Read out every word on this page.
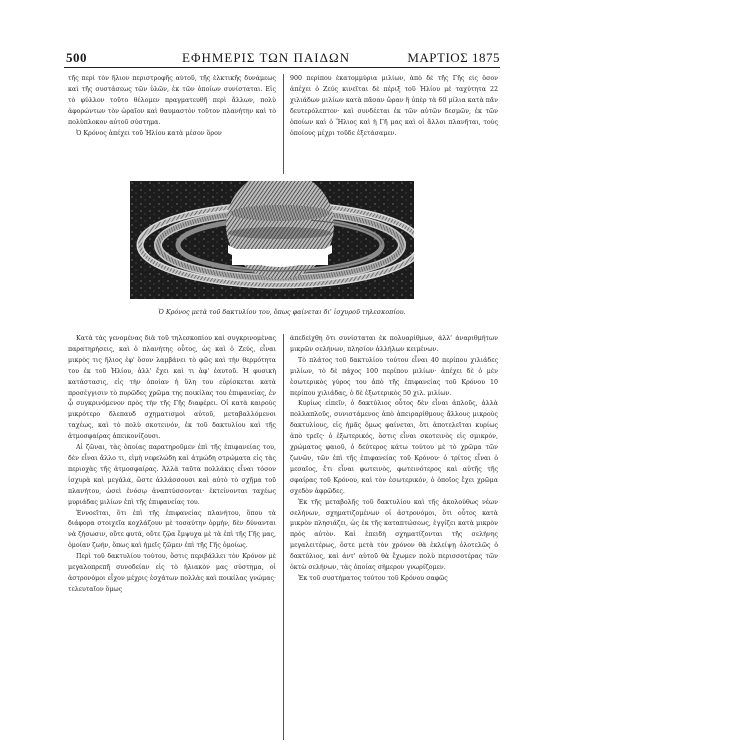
500	ΕΦΗΜΕΡΙΣ ΤΩΝ ΠΑΙΔΩΝ	ΜΑΡΤΙΟΣ 1875

τῆς περὶ τὸν ἥλιον περιστροφῆς αὐτοῦ, τῆς ἑλκτικῆς δυνάμεως καὶ τῆς συστάσεως τῶν ὑλῶν, ἐκ τῶν ὁποίων συνίσταται. Εἰς τὸ φύλλον τοῦτο θέλομεν πραγματευθῆ περὶ ἄλλων, πολὺ ἀφορώντων τὸν ὡραῖον καὶ θαυμαστὸν τοῦτον πλανήτην καὶ τὸ πολὺπλοκον αὐτοῦ σύστημα.

Ὁ Κρόνος ἀπέχει τοῦ Ἡλίου κατὰ μέσον ὅρον

900 περίπου ἑκατομμύρια μιλίων, ἀπὸ δὲ τῆς Γῆς εἰς ὅσον ἀπέχει ὁ Ζεύς κινεῖται δὲ πέριξ τοῦ Ἡλίου μὲ ταχύτητα 22 χιλιάδων μιλίων κατὰ πᾶσαν ὥραν ἢ ὑπὲρ τὰ 60 μίλια κατὰ πᾶν δευτερόλεπτον· καὶ συνδέεται ἐκ τῶν αὐτῶν δεσμῶν, ἐκ τῶν ὁποίων καὶ ὁ Ἥλιος καὶ ἡ Γῆ μας καὶ οἱ ἄλλοι πλανῆται, τοὺς ὁποίους μέχρι τοῦδε ἐξετάσαμεν.

Ὁ Κρόνος μετὰ τοῦ δακτυλίου του, ὅπως φαίνεται δι' ἰσχυροῦ τηλεσκοπίου.

Κατὰ τὰς γενομένας διὰ τοῦ τηλεσκοπίου καὶ συγκρινομένας παρατηρήσεις, καὶ ὁ πλανήτης οὗτος, ὡς καὶ ὁ Ζεύς, εἶναι μικρὸς τις ἥλιος ἐφ' ὅσον λαμβάνει τὸ φῶς καὶ τὴν θερμότητα του ἐκ τοῦ Ἡλίου, ἀλλ' ἔχει καὶ τι ἀφ' ἑαυτοῦ. Ἡ φυσικὴ κατάστασις, εἰς τὴν ὁποίαν ἡ ὕλη του εὑρίσκεται κατὰ προσέγγισιν τὸ πυρῶδες χρῶμα της ποικίλας του ἐπιφανείας, ἐν ᾧ συγκρινόμενον πρὸς τὴν τῆς Γῆς διαφέρει. Οἱ κατὰ καιροὺς μικρότερο δλεπαυδ σχηματισμοὶ αὐτοῦ, μεταβαλλόμενοι ταχέως, καὶ τὸ πολὺ σκοτεινόν, ἐκ τοῦ δακτυλίου καὶ τῆς ἀτμοσφαίρας ἀπεικονίζουσι.

Αἱ ζῶναι, τὰς ὁποίας παρατηροῦμεν ἐπὶ τῆς ἐπιφανείας του, δὲν εἶναι ἄλλο τι, εἰμὴ νεφελώδη καὶ ἀτμώδη στρώματα εἰς τὰς περιοχὰς τῆς ἀτμοσφαίρας. Ἀλλὰ ταῦτα πολλάκις εἶναι τόσον ἰσχυρὰ καὶ μεγάλα, ὥστε ἀλλάσσουσι καὶ αὐτὸ τὸ σχῆμα τοῦ πλανήτου, ὡσεὶ ἐνόσῳ ἀναπτύσσονται· ἐκτείνονται ταχέως μυριάδας μιλίων ἐπὶ τῆς ἐπιφανείας του.

Ἐννοεῖται, ὅτι ἐπὶ τῆς ἐπιφανείας πλανήτου, ὅπου τὰ διάφορα στοιχεῖα κοχλάζουν μὲ τοσαύτην ὁρμήν, δὲν δύνανται νὰ ζήσωσιν, οὔτε φυτά, οὔτε ζῷα ἔμψυχα μὲ τὰ ἐπὶ τῆς Γῆς μας, ὁμοίαν ζωήν, ὅπως καὶ ἡμεῖς ζῶμεν ἐπὶ τῆς Γῆς ὁμοίως.

Περὶ τοῦ δακτυλίου τούτου, ὅστις περιβάλλει τὸν Κρόνον μὲ μεγαλοπρεπῆ συνοδείαν εἰς τὸ ἡλιακὸν μας σύστημα, οἱ ἀστρονόμοι εἶχον μέχρις ἐσχάτων πολλὰς καὶ ποικίλας γνώμας· τελευταῖον ὅμως

ἀπεδείχθη ὅτι συνίσταται ἐκ πολυαρίθμων, ἀλλ' ἀναριθμήτων μικρῶν σελήνων, πλησίον ἀλλήλων κειμένων.

Τὸ πλάτος τοῦ δακτυλίου τούτου εἶναι 40 περίπου χιλιάδες μιλίων, τὸ δὲ πάχος 100 περίπου μιλίων· ἀπέχει δὲ ὁ μὲν ἐσωτερικὸς γύρος του ἀπὸ τῆς ἐπιφανείας τοῦ Κρόνου 10 περίπου χιλιάδας, ὁ δὲ ἐξωτερικὸς 50 χιλ. μιλίων.

Κυρίως εἰπεῖν, ὁ δακτύλιος οὗτος δὲν εἶναι ἁπλοῦς, ἀλλὰ πολλαπλοῦς, συνιστάμενος ἀπὸ ἀπειραρίθμους ἄλλους μικροὺς δακτυλίους, εἰς ἡμᾶς ὅμως φαίνεται, ὅτι ἀποτελεῖται κυρίως ἀπὸ τρεῖς· ὁ ἐξωτερικός, ὅστις εἶναι σκοτεινὸς εἰς σμικρόν, χρώματος φαιοῦ, ὁ δεύτερος κάτω τούτου μὲ τὸ χρῶμα τῶν ζωνῶν, τῶν ἐπὶ τῆς ἐπιφανείας τοῦ Κρόνου· ὁ τρίτος εἶναι ὁ μεσαῖος, ἔτι εἶναι φωτεινὸς, φωτεινότερος καὶ αὐτῆς τῆς σφαίρας τοῦ Κρόνου, καὶ τὸν ἐσωτερικόν, ὁ ὁποῖος ἔχει χρῶμα σχεδὸν ἀφρῶδες.

Ἐκ τῆς μεταβολῆς τοῦ δακτυλίου καὶ τῆς ἀκολούθως νέων σελήνων, σχηματιζομένων οἱ ἀστρονόμοι, ὅτι οὗτος κατὰ μικρὸν πλησιάζει, ὡς ἐκ τῆς καταπτώσεως, ἐγγίζει κατὰ μικρὸν πρὸς αὐτὸν. Καὶ ἐπειδὴ σχηματίζονται τῆς σελήνης μεγαλειτέρως, ὅστε μετὰ τὸν χρόνον θὰ ἐκλείψῃ ὁλοτελῶς ὁ δακτύλιος, καὶ ἀντ' αὐτοῦ θὰ ἔχωμεν πολὺ περισσοτέρας τῶν ὀκτὼ σελήνων, τὰς ὁποίας σήμερον γνωρίζομεν.

Ἐκ τοῦ συστήματος τούτου τοῦ Κρόνου σαφῶς
